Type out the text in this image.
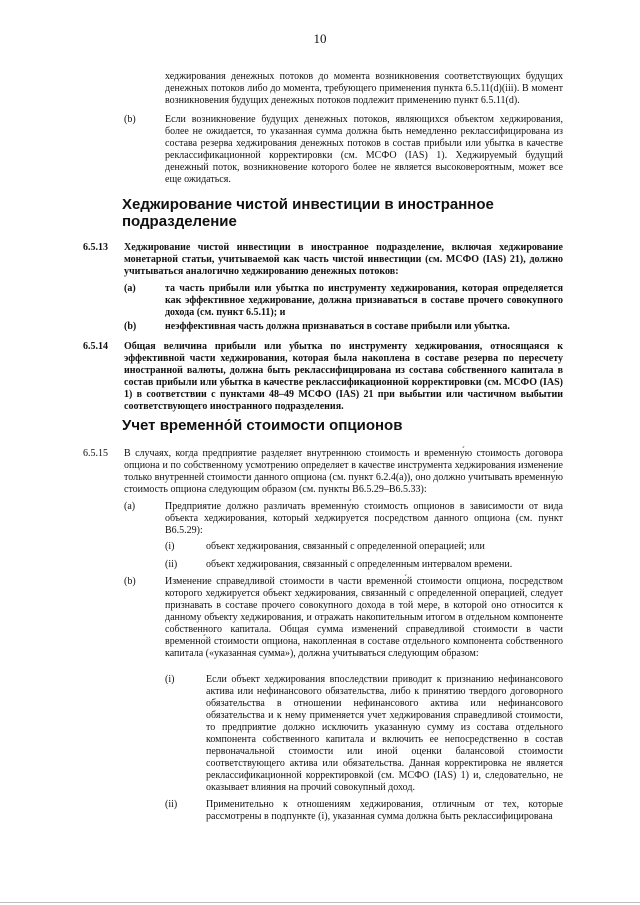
10
хеджирования денежных потоков до момента возникновения соответствующих будущих денежных потоков либо до момента, требующего применения пункта 6.5.11(d)(iii). В момент возникновения будущих денежных потоков подлежит применению пункт 6.5.11(d).
(b)	Если возникновение будущих денежных потоков, являющихся объектом хеджирования, более не ожидается, то указанная сумма должна быть немедленно реклассифицирована из состава резерва хеджирования денежных потоков в состав прибыли или убытка в качестве реклассификационной корректировки (см. МСФО (IAS) 1). Хеджируемый будущий денежный поток, возникновение которого более не является высоковероятным, может все еще ожидаться.
Хеджирование чистой инвестиции в иностранное подразделение
6.5.13 Хеджирование чистой инвестиции в иностранное подразделение, включая хеджирование монетарной статьи, учитываемой как часть чистой инвестиции (см. МСФО (IAS) 21), должно учитываться аналогично хеджированию денежных потоков:
(a)	та часть прибыли или убытка по инструменту хеджирования, которая определяется как эффективное хеджирование, должна признаваться в составе прочего совокупного дохода (см. пункт 6.5.11); и
(b)	неэффективная часть должна признаваться в составе прибыли или убытка.
6.5.14 Общая величина прибыли или убытка по инструменту хеджирования, относящаяся к эффективной части хеджирования, которая была накоплена в составе резерва по пересчету иностранной валюты, должна быть реклассифицирована из состава собственного капитала в состав прибыли или убытка в качестве реклассификационной корректировки (см. МСФО (IAS) 1) в соответствии с пунктами 48–49 МСФО (IAS) 21 при выбытии или частичном выбытии соответствующего иностранного подразделения.
Учет временно́й стоимости опционов
6.5.15 В случаях, когда предприятие разделяет внутреннюю стоимость и временну́ю стоимость договора опциона и по собственному усмотрению определяет в качестве инструмента хеджирования изменение только внутренней стоимости данного опциона (см. пункт 6.2.4(a)), оно должно учитывать временну́ю стоимость опциона следующим образом (см. пункты B6.5.29–B6.5.33):
(a)	Предприятие должно различать временну́ю стоимость опционов в зависимости от вида объекта хеджирования, который хеджируется посредством данного опциона (см. пункт B6.5.29):
(i)	объект хеджирования, связанный с определенной операцией; или
(ii)	объект хеджирования, связанный с определенным интервалом времени.
(b)	Изменение справедливой стоимости в части временно́й стоимости опциона, посредством которого хеджируется объект хеджирования, связанный с определенной операцией, следует признавать в составе прочего совокупного дохода в той мере, в которой оно относится к данному объекту хеджирования, и отражать накопительным итогом в отдельном компоненте собственного капитала. Общая сумма изменений справедливой стоимости в части временно́й стоимости опциона, накопленная в составе отдельного компонента собственного капитала («указанная сумма»), должна учитываться следующим образом:
(i)	Если объект хеджирования впоследствии приводит к признанию нефинансового актива или нефинансового обязательства, либо к принятию твердого договорного обязательства в отношении нефинансового актива или нефинансового обязательства и к нему применяется учет хеджирования справедливой стоимости, то предприятие должно исключить указанную сумму из состава отдельного компонента собственного капитала и включить ее непосредственно в состав первоначальной стоимости или иной оценки балансовой стоимости соответствующего актива или обязательства. Данная корректировка не является реклассификационной корректировкой (см. МСФО (IAS) 1) и, следовательно, не оказывает влияния на прочий совокупный доход.
(ii)	Применительно к отношениям хеджирования, отличным от тех, которые рассмотрены в подпункте (i), указанная сумма должна быть реклассифицирована
